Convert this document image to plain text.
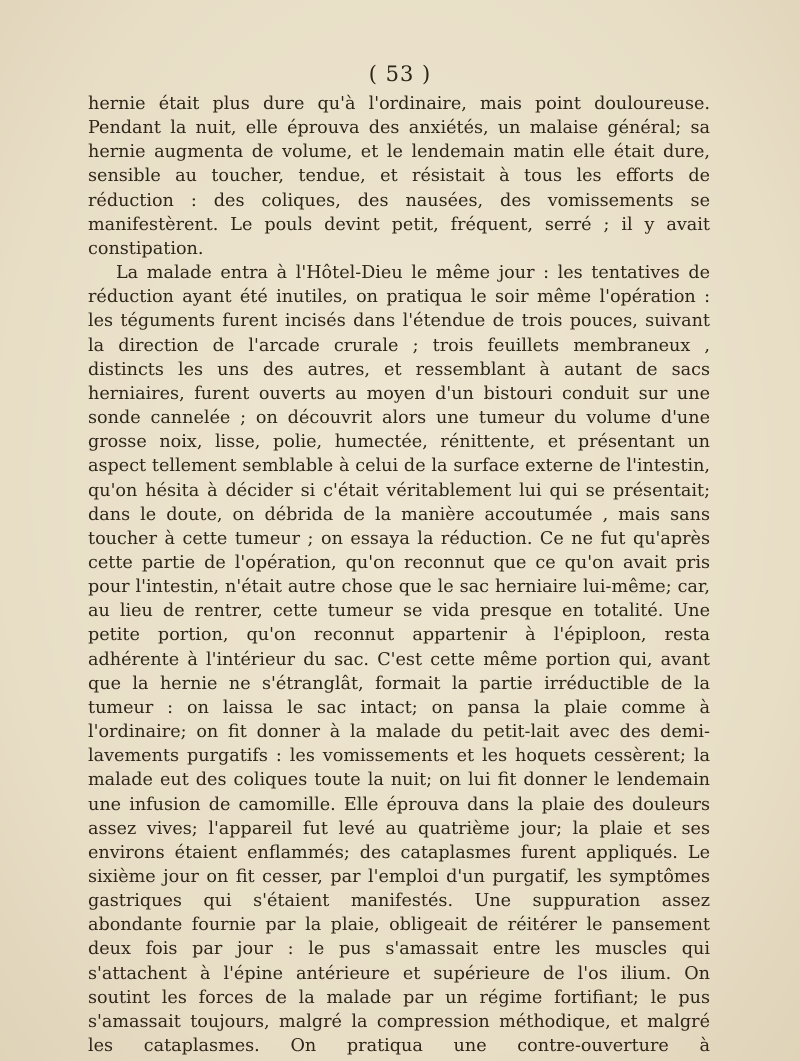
( 53 )

hernie était plus dure qu'à l'ordinaire, mais point douloureuse. Pendant la nuit, elle éprouva des anxiétés, un malaise général; sa hernie augmenta de volume, et le lendemain matin elle était dure, sensible au toucher, tendue, et résistait à tous les efforts de réduction : des coliques, des nausées, des vomissements se manifestèrent. Le pouls devint petit, fréquent, serré ; il y avait constipation.

La malade entra à l'Hôtel-Dieu le même jour : les tentatives de réduction ayant été inutiles, on pratiqua le soir même l'opération : les téguments furent incisés dans l'étendue de trois pouces, suivant la direction de l'arcade crurale ; trois feuillets membraneux , distincts les uns des autres, et ressemblant à autant de sacs herniaires, furent ouverts au moyen d'un bistouri conduit sur une sonde cannelée ; on découvrit alors une tumeur du volume d'une grosse noix, lisse, polie, humectée, rénittente, et présentant un aspect tellement semblable à celui de la surface externe de l'intestin, qu'on hésita à décider si c'était véritablement lui qui se présentait; dans le doute, on débrida de la manière accoutumée , mais sans toucher à cette tumeur ; on essaya la réduction. Ce ne fut qu'après cette partie de l'opération, qu'on reconnut que ce qu'on avait pris pour l'intestin, n'était autre chose que le sac herniaire lui-même; car, au lieu de rentrer, cette tumeur se vida presque en totalité. Une petite portion, qu'on reconnut appartenir à l'épiploon, resta adhérente à l'intérieur du sac. C'est cette même portion qui, avant que la hernie ne s'étranglât, formait la partie irréductible de la tumeur : on laissa le sac intact; on pansa la plaie comme à l'ordinaire; on fit donner à la malade du petit-lait avec des demi-lavements purgatifs : les vomissements et les hoquets cessèrent; la malade eut des coliques toute la nuit; on lui fit donner le lendemain une infusion de camomille. Elle éprouva dans la plaie des douleurs assez vives; l'appareil fut levé au quatrième jour; la plaie et ses environs étaient enflammés; des cataplasmes furent appliqués. Le sixième jour on fit cesser, par l'emploi d'un purgatif, les symptômes gastriques qui s'étaient manifestés. Une suppuration assez abondante fournie par la plaie, obligeait de réitérer le pansement deux fois par jour : le pus s'amassait entre les muscles qui s'attachent à l'épine antérieure et supérieure de l'os ilium. On soutint les forces de la malade par un régime fortifiant; le pus s'amassait toujours, malgré la compression méthodique, et malgré les cataplasmes. On pratiqua une contre-ouverture à
